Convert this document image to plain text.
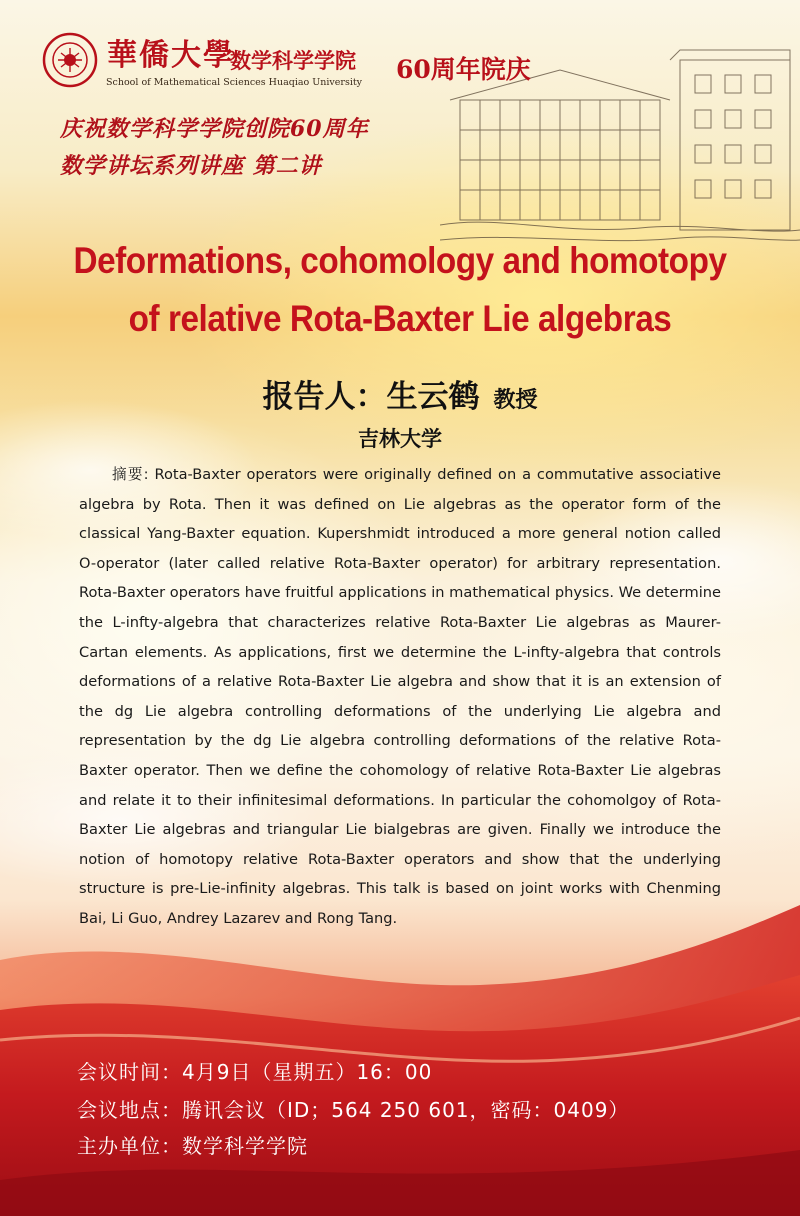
華僑大學
数学科学学院 60周年院庆
School of Mathematical Sciences Huaqiao University
庆祝数学科学学院创院60周年
数学讲坛系列讲座 第二讲
Deformations, cohomology and homotopy
of relative Rota-Baxter Lie algebras
报告人：生云鹤 教授
吉林大学

摘要: Rota-Baxter operators were originally defined on a commutative associative algebra by Rota. Then it was defined on Lie algebras as the operator form of the classical Yang-Baxter equation. Kupershmidt introduced a more general notion called O-operator (later called relative Rota-Baxter operator) for arbitrary representation. Rota-Baxter operators have fruitful applications in mathematical physics. We determine the L-infty-algebra that characterizes relative Rota-Baxter Lie algebras as Maurer-Cartan elements. As applications, first we determine the L-infty-algebra that controls deformations of a relative Rota-Baxter Lie algebra and show that it is an extension of the dg Lie algebra controlling deformations of the underlying Lie algebra and representation by the dg Lie algebra controlling deformations of the relative Rota-Baxter operator. Then we define the cohomology of relative Rota-Baxter Lie algebras and relate it to their infinitesimal deformations. In particular the cohomolgoy of Rota-Baxter Lie algebras and triangular Lie bialgebras are given. Finally we introduce the notion of homotopy relative Rota-Baxter operators and show that the underlying structure is pre-Lie-infinity algebras. This talk is based on joint works with Chenming Bai, Li Guo, Andrey Lazarev and Rong Tang.

会议时间：4月9日（星期五）16：00
会议地点：腾讯会议（ID；564 250 601，密码：0409）
主办单位：数学科学学院
